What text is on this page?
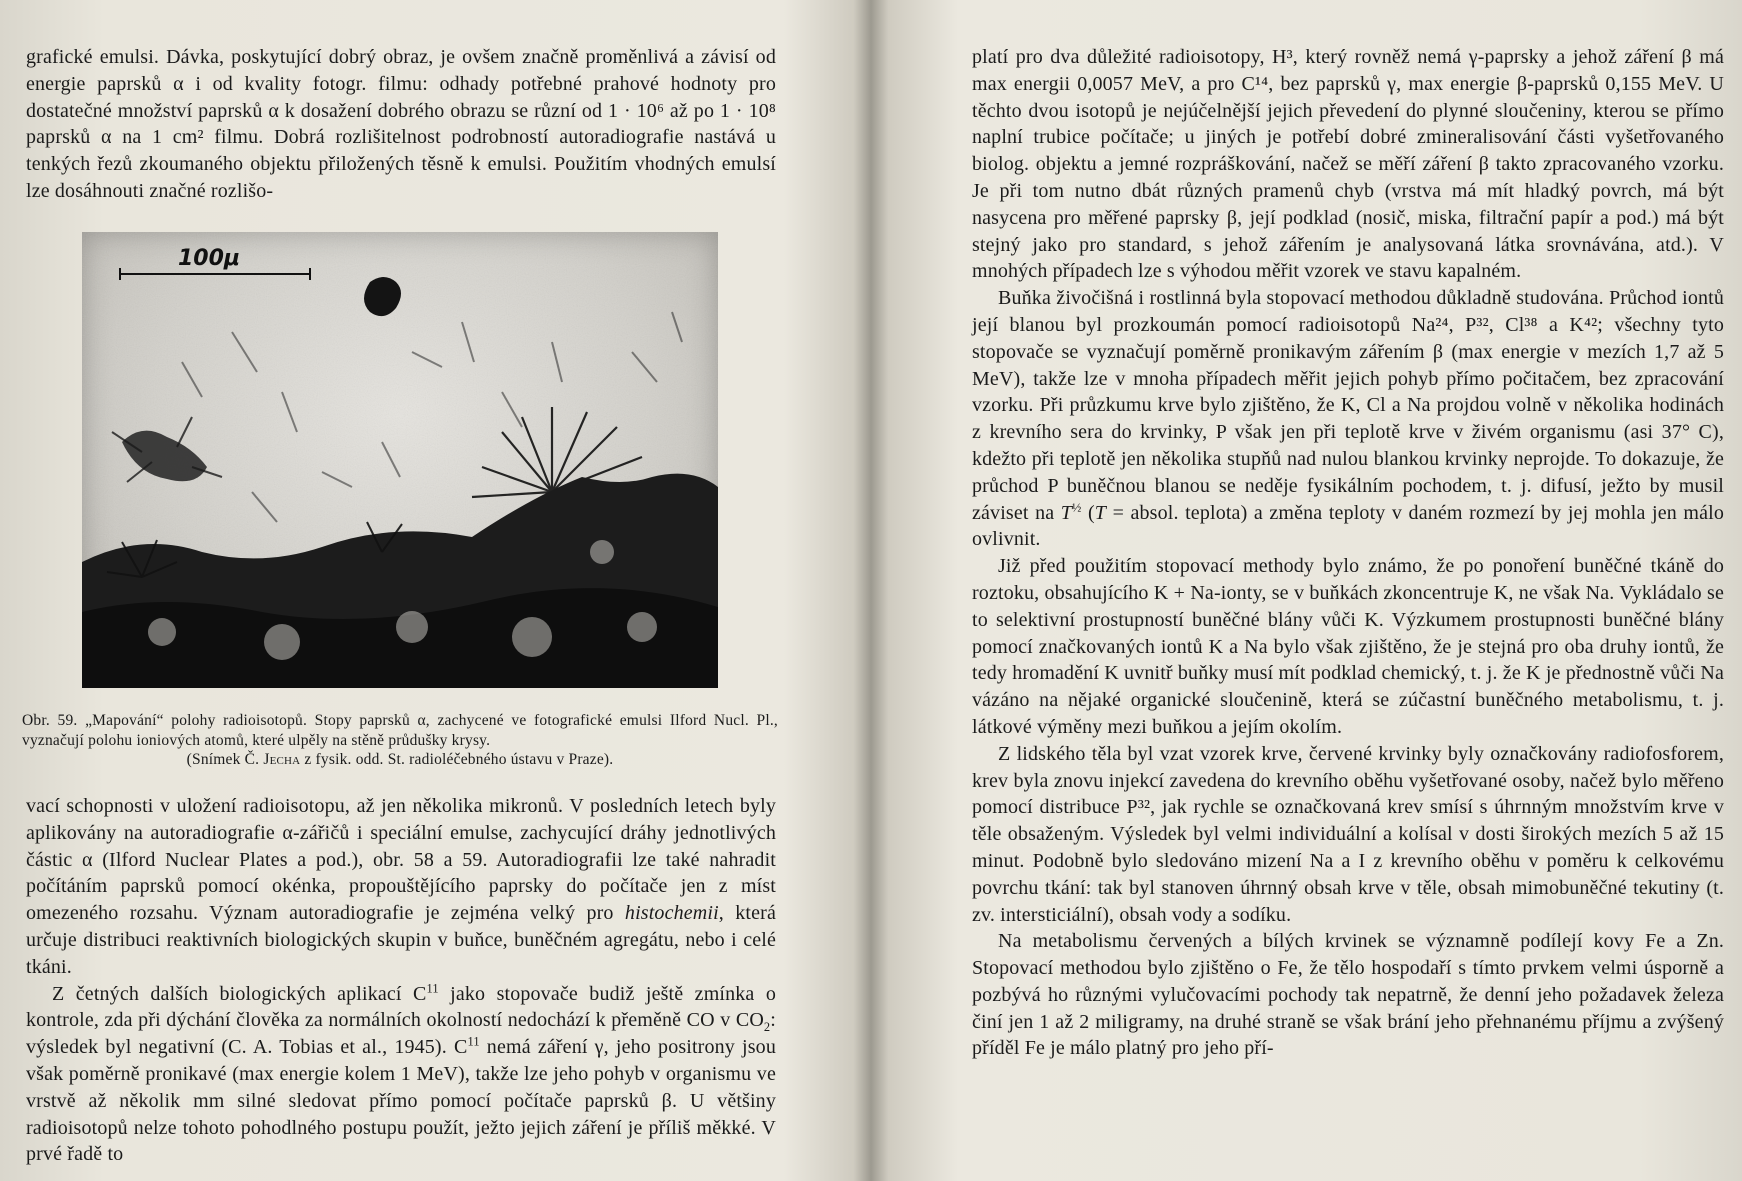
grafické emulsi. Dávka, poskytující dobrý obraz, je ovšem značně proměnlivá a závisí od energie paprsků α i od kvality fotogr. filmu: odhady potřebné prahové hodnoty pro dostatečné množství paprsků α k dosažení dobrého obrazu se různí od 1 · 10⁶ až po 1 · 10⁸ paprsků α na 1 cm² filmu. Dobrá rozlišitelnost podrobností autoradiografie nastává u tenkých řezů zkoumaného objektu přiložených těsně k emulsi. Použitím vhodných emulsí lze dosáhnouti značné rozlišo-

100μ
Obr. 59. „Mapování“ polohy radioisotopů. Stopy paprsků α, zachycené ve fotografické emulsi Ilford Nucl. Pl., vyznačují polohu ioniových atomů, které ulpěly na stěně průdušky krysy.
(Snímek Č. Jecha z fysik. odd. St. radioléčebného ústavu v Praze).

vací schopnosti v uložení radioisotopu, až jen několika mikronů. V posledních letech byly aplikovány na autoradiografie α-zářičů i speciální emulse, zachycující dráhy jednotlivých částic α (Ilford Nuclear Plates a pod.), obr. 58 a 59. Autoradiografii lze také nahradit počítáním paprsků pomocí okénka, propouštějícího paprsky do počítače jen z míst omezeného rozsahu. Význam autoradiografie je zejména velký pro histochemii, která určuje distribuci reaktivních biologických skupin v buňce, buněčném agregátu, nebo i celé tkáni.

Z četných dalších biologických aplikací $C^{11}$ jako stopovače budiž ještě zmínka o kontrole, zda při dýchání člověka za normálních okolností nedochází k přeměně CO v $CO_2$: výsledek byl negativní (C. A. Tobias et al., 1945). $C^{11}$ nemá záření γ, jeho positrony jsou však poměrně pronikavé (max energie kolem 1 MeV), takže lze jeho pohyb v organismu ve vrstvě až několik mm silné sledovat přímo pomocí počítače paprsků β. U většiny radioisotopů nelze tohoto pohodlného postupu použít, ježto jejich záření je příliš měkké. V prvé řadě to

platí pro dva důležité radioisotopy, H³, který rovněž nemá γ-paprsky a jehož záření β má max energii 0,0057 MeV, a pro C¹⁴, bez paprsků γ, max energie β-paprsků 0,155 MeV. U těchto dvou isotopů je nejúčelnější jejich převedení do plynné sloučeniny, kterou se přímo naplní trubice počítače; u jiných je potřebí dobré zmineralisování části vyšetřovaného biolog. objektu a jemné rozpráškování, načež se měří záření β takto zpracovaného vzorku. Je při tom nutno dbát různých pramenů chyb (vrstva má mít hladký povrch, má být nasycena pro měřené paprsky β, její podklad (nosič, miska, filtrační papír a pod.) má být stejný jako pro standard, s jehož zářením je analysovaná látka srovnávána, atd.). V mnohých případech lze s výhodou měřit vzorek ve stavu kapalném.

Buňka živočišná i rostlinná byla stopovací methodou důkladně studována. Průchod iontů její blanou byl prozkoumán pomocí radioisotopů Na²⁴, P³², Cl³⁸ a K⁴²; všechny tyto stopovače se vyznačují poměrně pronikavým zářením β (max energie v mezích 1,7 až 5 MeV), takže lze v mnoha případech měřit jejich pohyb přímo počitačem, bez zpracování vzorku. Při průzkumu krve bylo zjištěno, že K, Cl a Na projdou volně v několika hodinách z krevního sera do krvinky, P však jen při teplotě krve v živém organismu (asi 37° C), kdežto při teplotě jen několika stupňů nad nulou blankou krvinky neprojde. To dokazuje, že průchod P buněčnou blanou se neděje fysikálním pochodem, t. j. difusí, ježto by musil záviset na $T^{\frac{1}{2}}$ (T = absol. teplota) a změna teploty v daném rozmezí by jej mohla jen málo ovlivnit.

Již před použitím stopovací methody bylo známo, že po ponoření buněčné tkáně do roztoku, obsahujícího K + Na-ionty, se v buňkách zkoncentruje K, ne však Na. Vykládalo se to selektivní prostupností buněčné blány vůči K. Výzkumem prostupnosti buněčné blány pomocí značkovaných iontů K a Na bylo však zjištěno, že je stejná pro oba druhy iontů, že tedy hromadění K uvnitř buňky musí mít podklad chemický, t. j. že K je přednostně vůči Na vázáno na nějaké organické sloučenině, která se zúčastní buněčného metabolismu, t. j. látkové výměny mezi buňkou a jejím okolím.

Z lidského těla byl vzat vzorek krve, červené krvinky byly označkovány radiofosforem, krev byla znovu injekcí zavedena do krevního oběhu vyšetřované osoby, načež bylo měřeno pomocí distribuce P³², jak rychle se označkovaná krev smísí s úhrnným množstvím krve v těle obsaženým. Výsledek byl velmi individuální a kolísal v dosti širokých mezích 5 až 15 minut. Podobně bylo sledováno mizení Na a I z krevního oběhu v poměru k celkovému povrchu tkání: tak byl stanoven úhrnný obsah krve v těle, obsah mimobuněčné tekutiny (t. zv. intersticiální), obsah vody a sodíku.

Na metabolismu červených a bílých krvinek se významně podílejí kovy Fe a Zn. Stopovací methodou bylo zjištěno o Fe, že tělo hospodaří s tímto prvkem velmi úsporně a pozbývá ho různými vylučovacími pochody tak nepatrně, že denní jeho požadavek železa činí jen 1 až 2 miligramy, na druhé straně se však brání jeho přehnanému příjmu a zvýšený příděl Fe je málo platný pro jeho pří-
